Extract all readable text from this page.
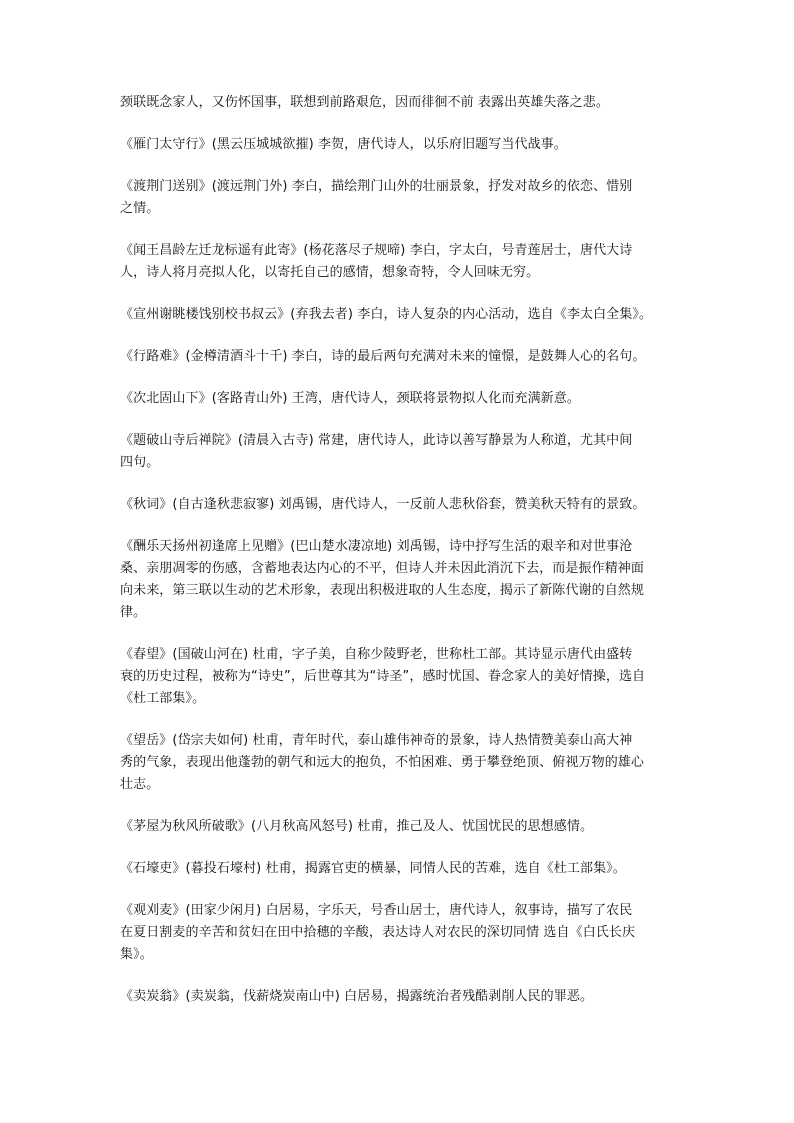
颈联既念家人，又伤怀国事，联想到前路艰危，因而徘徊不前 表露出英雄失落之悲。

《雁门太守行》(黑云压城城欲摧) 李贺，唐代诗人，以乐府旧题写当代战事。

《渡荆门送别》(渡远荆门外) 李白，描绘荆门山外的壮丽景象，抒发对故乡的依恋、惜别
之情。

《闻王昌龄左迁龙标遥有此寄》(杨花落尽子规啼) 李白，字太白，号青莲居士，唐代大诗
人，诗人将月亮拟人化，以寄托自己的感情，想象奇特，令人回味无穷。

《宣州谢眺楼饯别校书叔云》(弃我去者) 李白，诗人复杂的内心活动，选自《李太白全集》。

《行路难》(金樽清酒斗十千) 李白，诗的最后两句充满对未来的憧憬，是鼓舞人心的名句。

《次北固山下》(客路青山外) 王湾，唐代诗人，颈联将景物拟人化而充满新意。

《题破山寺后禅院》(清晨入古寺) 常建，唐代诗人，此诗以善写静景为人称道，尤其中间
四句。

《秋词》(自古逢秋悲寂寥) 刘禹锡，唐代诗人，一反前人悲秋俗套，赞美秋天特有的景致。

《酬乐天扬州初逢席上见赠》(巴山楚水凄凉地) 刘禹锡，诗中抒写生活的艰辛和对世事沧
桑、亲朋凋零的伤感，含蓄地表达内心的不平，但诗人并未因此消沉下去，而是振作精神面
向未来，第三联以生动的艺术形象，表现出积极进取的人生态度，揭示了新陈代谢的自然规
律。

《春望》(国破山河在) 杜甫，字子美，自称少陵野老，世称杜工部。其诗显示唐代由盛转
衰的历史过程，被称为“诗史”，后世尊其为“诗圣”，感时忧国、眷念家人的美好情操，选自
《杜工部集》。

《望岳》(岱宗夫如何) 杜甫，青年时代，泰山雄伟神奇的景象，诗人热情赞美泰山高大神
秀的气象，表现出他蓬勃的朝气和远大的抱负，不怕困难、勇于攀登绝顶、俯视万物的雄心
壮志。

《茅屋为秋风所破歌》(八月秋高风怒号) 杜甫，推己及人、忧国忧民的思想感情。

《石壕吏》(暮投石壕村) 杜甫，揭露官吏的横暴，同情人民的苦难，选自《杜工部集》。

《观刈麦》(田家少闲月) 白居易，字乐天，号香山居士，唐代诗人，叙事诗，描写了农民
在夏日割麦的辛苦和贫妇在田中拾穗的辛酸，表达诗人对农民的深切同情 选自《白氏长庆
集》。

《卖炭翁》(卖炭翁，伐薪烧炭南山中) 白居易，揭露统治者残酷剥削人民的罪恶。
